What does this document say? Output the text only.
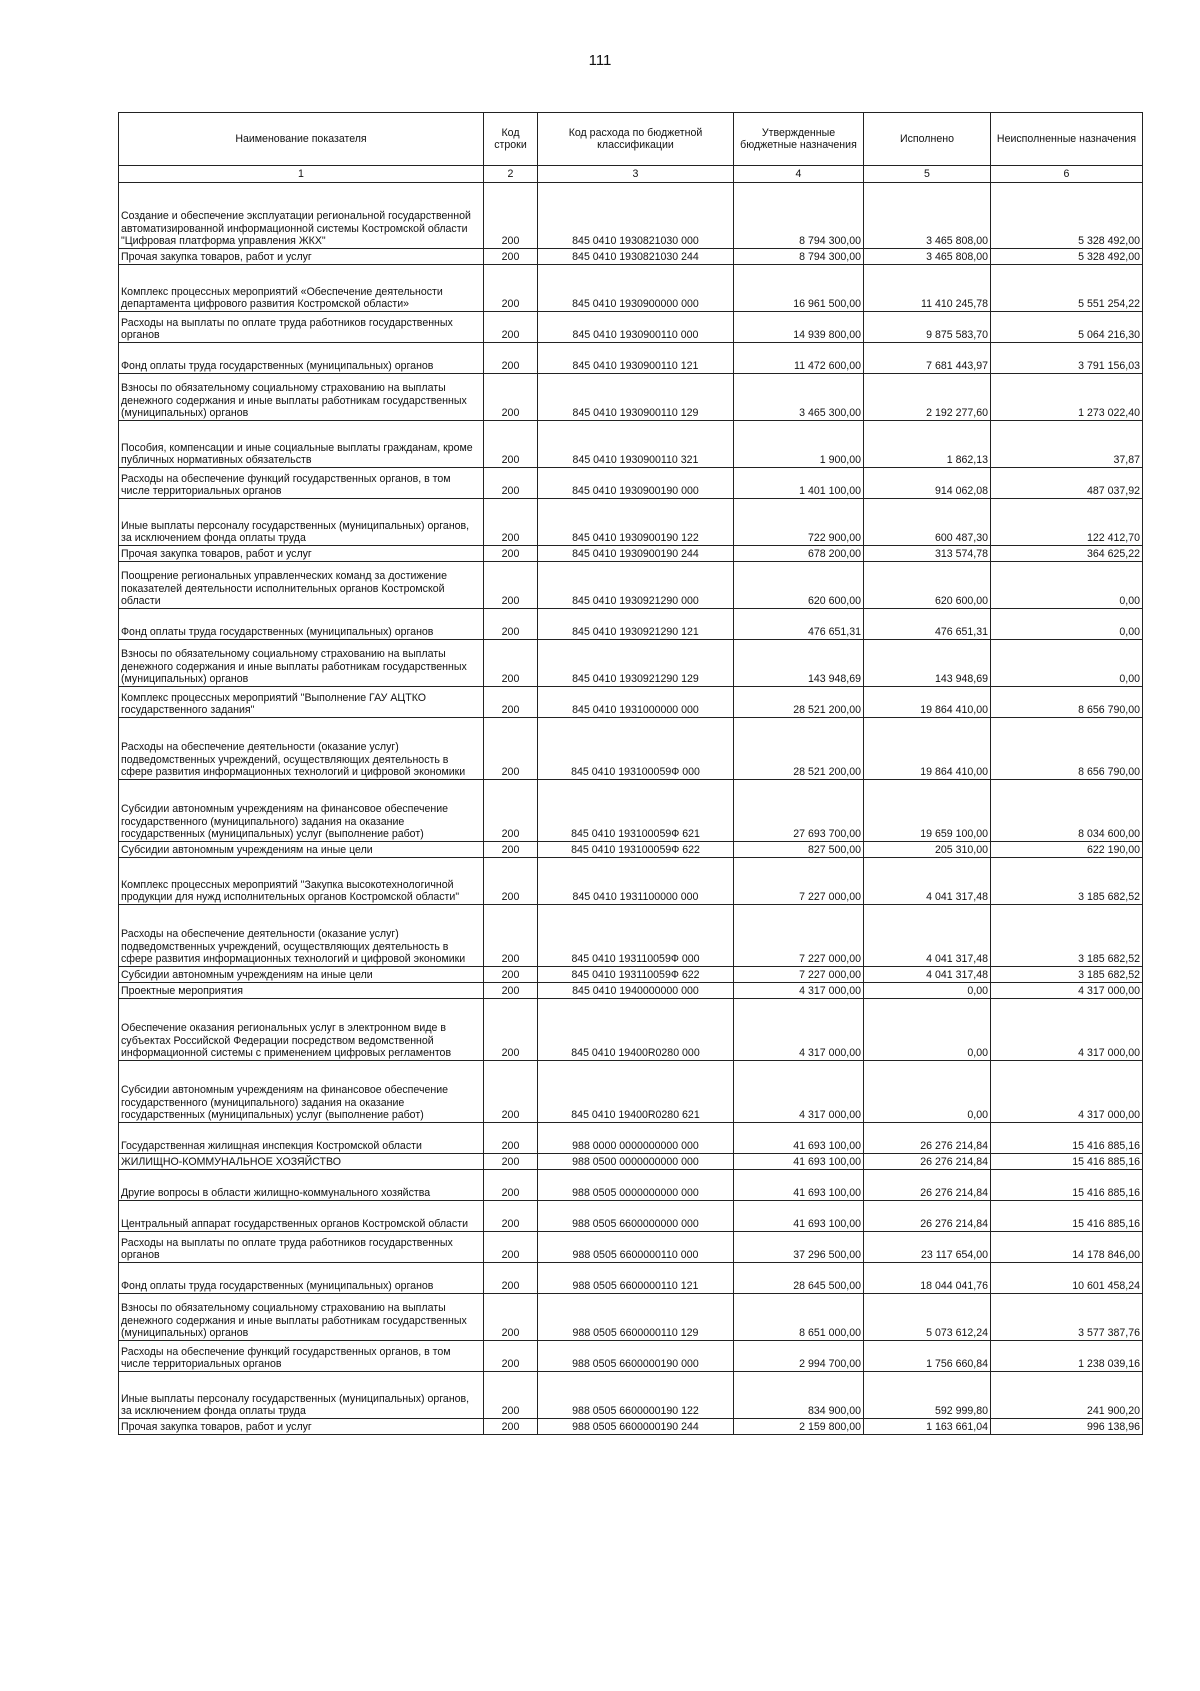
111
Наименование показателя	Код строки	Код расхода по бюджетной классификации	Утвержденные бюджетные назначения	Исполнено	Неисполненные назначения
1	2	3	4	5	6
Создание и обеспечение эксплуатации региональной государственной автоматизированной информационной системы Костромской области "Цифровая платформа управления ЖКХ"	200	845 0410 1930821030 000	8 794 300,00	3 465 808,00	5 328 492,00
Прочая закупка товаров, работ и услуг	200	845 0410 1930821030 244	8 794 300,00	3 465 808,00	5 328 492,00
Комплекс процессных мероприятий «Обеспечение деятельности департамента цифрового развития Костромской области»	200	845 0410 1930900000 000	16 961 500,00	11 410 245,78	5 551 254,22
Расходы на выплаты по оплате труда работников государственных органов	200	845 0410 1930900110 000	14 939 800,00	9 875 583,70	5 064 216,30
Фонд оплаты труда государственных (муниципальных) органов	200	845 0410 1930900110 121	11 472 600,00	7 681 443,97	3 791 156,03
Взносы по обязательному социальному страхованию на выплаты денежного содержания и иные выплаты работникам государственных (муниципальных) органов	200	845 0410 1930900110 129	3 465 300,00	2 192 277,60	1 273 022,40
Пособия, компенсации и иные социальные выплаты гражданам, кроме публичных нормативных обязательств	200	845 0410 1930900110 321	1 900,00	1 862,13	37,87
Расходы на обеспечение функций государственных органов, в том числе территориальных органов	200	845 0410 1930900190 000	1 401 100,00	914 062,08	487 037,92
Иные выплаты персоналу государственных (муниципальных) органов, за исключением фонда оплаты труда	200	845 0410 1930900190 122	722 900,00	600 487,30	122 412,70
Прочая закупка товаров, работ и услуг	200	845 0410 1930900190 244	678 200,00	313 574,78	364 625,22
Поощрение региональных управленческих команд за достижение показателей деятельности исполнительных органов Костромской области	200	845 0410 1930921290 000	620 600,00	620 600,00	0,00
Фонд оплаты труда государственных (муниципальных) органов	200	845 0410 1930921290 121	476 651,31	476 651,31	0,00
Взносы по обязательному социальному страхованию на выплаты денежного содержания и иные выплаты работникам государственных (муниципальных) органов	200	845 0410 1930921290 129	143 948,69	143 948,69	0,00
Комплекс процессных мероприятий "Выполнение ГАУ АЦТКО государственного задания"	200	845 0410 1931000000 000	28 521 200,00	19 864 410,00	8 656 790,00
Расходы на обеспечение деятельности (оказание услуг) подведомственных учреждений, осуществляющих деятельность в сфере развития информационных технологий и цифровой экономики	200	845 0410 193100059Ф 000	28 521 200,00	19 864 410,00	8 656 790,00
Субсидии автономным учреждениям на финансовое обеспечение государственного (муниципального) задания на оказание государственных (муниципальных) услуг (выполнение работ)	200	845 0410 193100059Ф 621	27 693 700,00	19 659 100,00	8 034 600,00
Субсидии автономным учреждениям на иные цели	200	845 0410 193100059Ф 622	827 500,00	205 310,00	622 190,00
Комплекс процессных мероприятий "Закупка высокотехнологичной продукции для нужд исполнительных органов Костромской области"	200	845 0410 1931100000 000	7 227 000,00	4 041 317,48	3 185 682,52
Расходы на обеспечение деятельности (оказание услуг) подведомственных учреждений, осуществляющих деятельность в сфере развития информационных технологий и цифровой экономики	200	845 0410 193110059Ф 000	7 227 000,00	4 041 317,48	3 185 682,52
Субсидии автономным учреждениям на иные цели	200	845 0410 193110059Ф 622	7 227 000,00	4 041 317,48	3 185 682,52
Проектные мероприятия	200	845 0410 1940000000 000	4 317 000,00	0,00	4 317 000,00
Обеспечение оказания региональных услуг в электронном виде в субъектах Российской Федерации посредством ведомственной информационной системы с применением цифровых регламентов	200	845 0410 19400R0280 000	4 317 000,00	0,00	4 317 000,00
Субсидии автономным учреждениям на финансовое обеспечение государственного (муниципального) задания на оказание государственных (муниципальных) услуг (выполнение работ)	200	845 0410 19400R0280 621	4 317 000,00	0,00	4 317 000,00
Государственная жилищная инспекция Костромской области	200	988 0000 0000000000 000	41 693 100,00	26 276 214,84	15 416 885,16
ЖИЛИЩНО-КОММУНАЛЬНОЕ ХОЗЯЙСТВО	200	988 0500 0000000000 000	41 693 100,00	26 276 214,84	15 416 885,16
Другие вопросы в области жилищно-коммунального хозяйства	200	988 0505 0000000000 000	41 693 100,00	26 276 214,84	15 416 885,16
Центральный аппарат государственных органов Костромской области	200	988 0505 6600000000 000	41 693 100,00	26 276 214,84	15 416 885,16
Расходы на выплаты по оплате труда работников государственных органов	200	988 0505 6600000110 000	37 296 500,00	23 117 654,00	14 178 846,00
Фонд оплаты труда государственных (муниципальных) органов	200	988 0505 6600000110 121	28 645 500,00	18 044 041,76	10 601 458,24
Взносы по обязательному социальному страхованию на выплаты денежного содержания и иные выплаты работникам государственных (муниципальных) органов	200	988 0505 6600000110 129	8 651 000,00	5 073 612,24	3 577 387,76
Расходы на обеспечение функций государственных органов, в том числе территориальных органов	200	988 0505 6600000190 000	2 994 700,00	1 756 660,84	1 238 039,16
Иные выплаты персоналу государственных (муниципальных) органов, за исключением фонда оплаты труда	200	988 0505 6600000190 122	834 900,00	592 999,80	241 900,20
Прочая закупка товаров, работ и услуг	200	988 0505 6600000190 244	2 159 800,00	1 163 661,04	996 138,96
